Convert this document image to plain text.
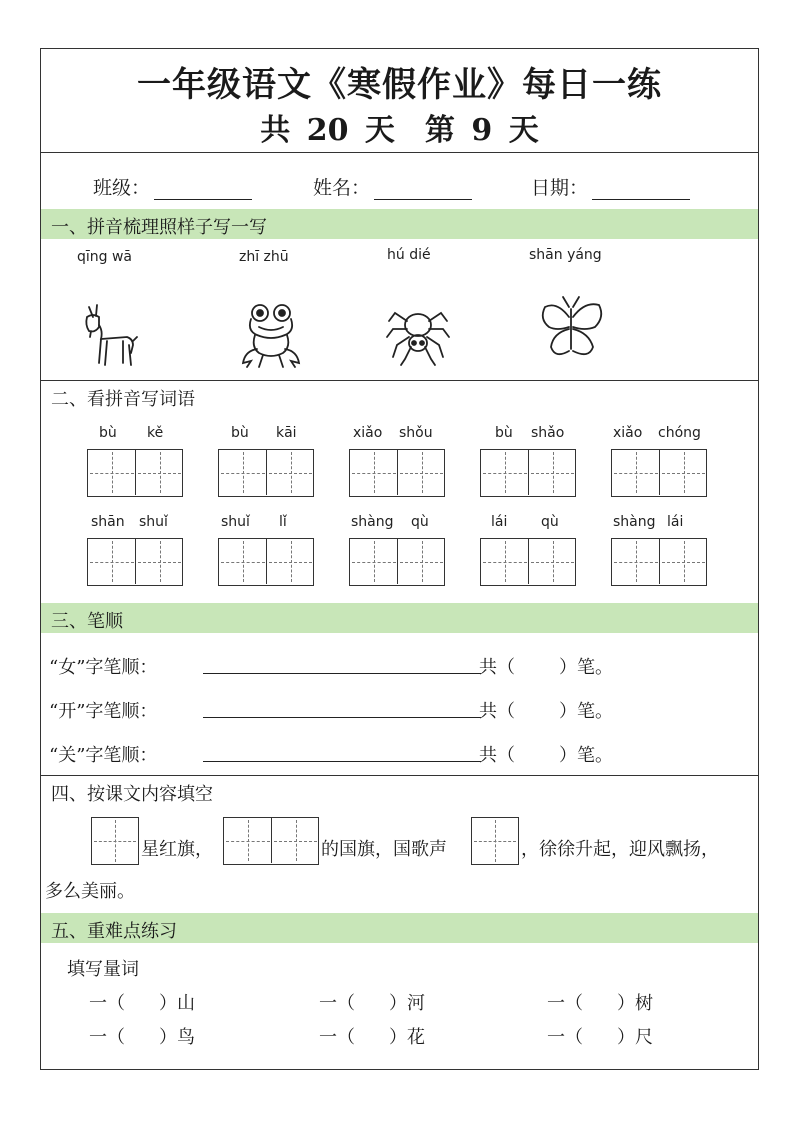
一年级语文《寒假作业》每日一练
共 20 天　第 9 天
班级：	姓名：	日期：
一、拼音梳理照样子写一写
qīng wā	zhī zhū	hú dié	shān yáng
二、看拼音写词语
bù kě	bù kāi	xiǎo shǒu	bù shǎo	xiǎo chóng
shān shuǐ	shuǐ lǐ	shàng qù	lái qù	shàng lái
三、笔顺
“女”字笔顺：	共（ ）笔。
“开”字笔顺：	共（ ）笔。
“关”字笔顺：	共（ ）笔。
四、按课文内容填空
星红旗，	的国旗，国歌声	，徐徐升起，迎风飘扬，
多么美丽。
五、重难点练习
填写量词
一（ ）山	一（ ）河	一（ ）树
一（ ）鸟	一（ ）花	一（ ）尺
